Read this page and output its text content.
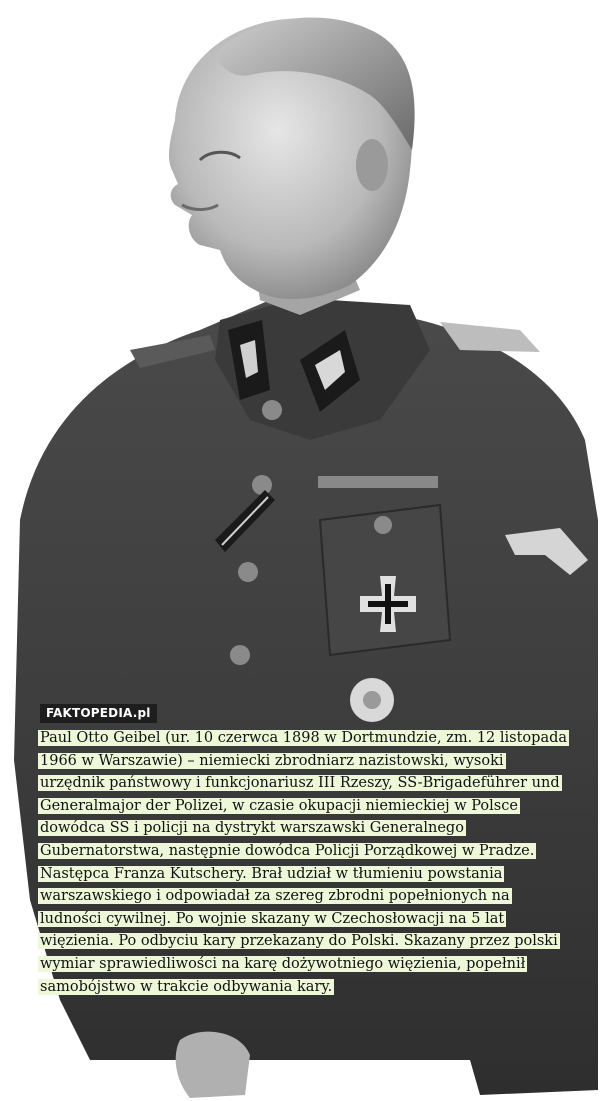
FAKTOPEDIA.pl
Paul Otto Geibel (ur. 10 czerwca 1898 w Dortmundzie, zm. 12 listopada
1966 w Warszawie) – niemiecki zbrodniarz nazistowski, wysoki
urzędnik państwowy i funkcjonariusz III Rzeszy, SS-Brigadeführer und
Generalmajor der Polizei, w czasie okupacji niemieckiej w Polsce
dowódca SS i policji na dystrykt warszawski Generalnego
Gubernatorstwa, następnie dowódca Policji Porządkowej w Pradze.
Następca Franza Kutschery. Brał udział w tłumieniu powstania
warszawskiego i odpowiadał za szereg zbrodni popełnionych na
ludności cywilnej. Po wojnie skazany w Czechosłowacji na 5 lat
więzienia. Po odbyciu kary przekazany do Polski. Skazany przez polski
wymiar sprawiedliwości na karę dożywotniego więzienia, popełnił
samobójstwo w trakcie odbywania kary.
